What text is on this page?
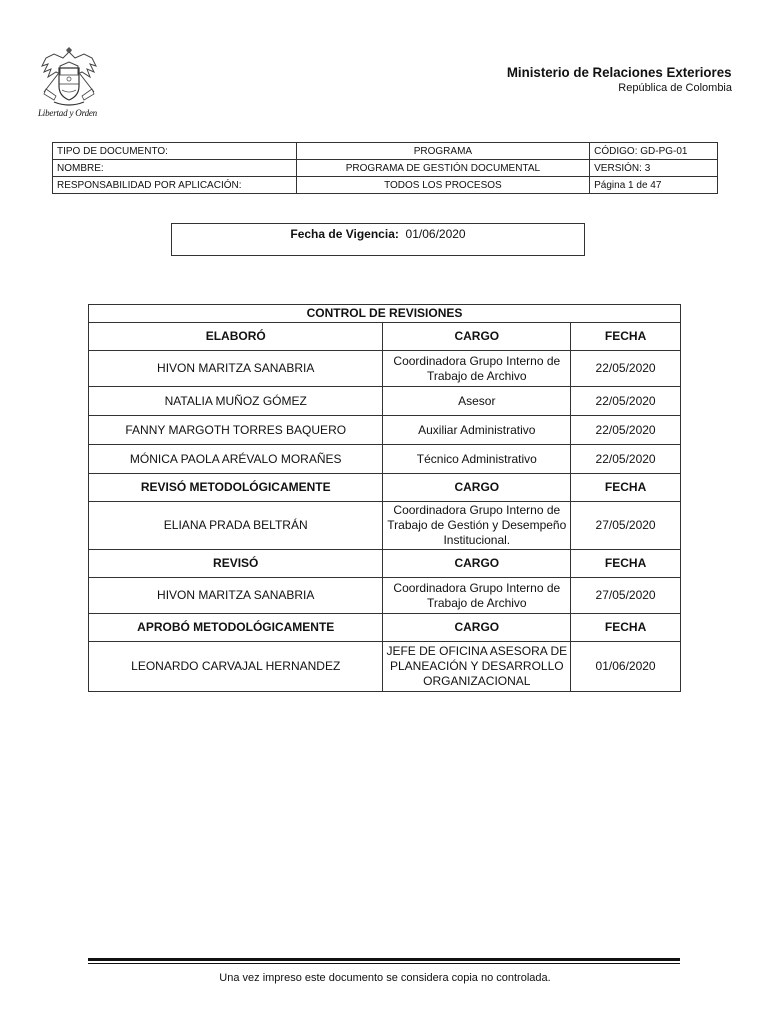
Libertad y Orden
Ministerio de Relaciones Exteriores
República de Colombia
TIPO DE DOCUMENTO:	PROGRAMA	CÓDIGO: GD-PG-01
NOMBRE:	PROGRAMA DE GESTIÓN DOCUMENTAL	VERSIÓN: 3
RESPONSABILIDAD POR APLICACIÓN:	TODOS LOS PROCESOS	Página 1 de 47
Fecha de Vigencia: 01/06/2020
CONTROL DE REVISIONES		
ELABORÓ	CARGO	FECHA
HIVON MARITZA SANABRIA	Coordinadora Grupo Interno de Trabajo de Archivo	22/05/2020
NATALIA MUÑOZ GÓMEZ	Asesor	22/05/2020
FANNY MARGOTH TORRES BAQUERO	Auxiliar Administrativo	22/05/2020
MÓNICA PAOLA ARÉVALO MORAÑES	Técnico Administrativo	22/05/2020
REVISÓ METODOLÓGICAMENTE	CARGO	FECHA
ELIANA PRADA BELTRÁN	Coordinadora Grupo Interno de Trabajo de Gestión y Desempeño Institucional.	27/05/2020
REVISÓ	CARGO	FECHA
HIVON MARITZA SANABRIA	Coordinadora Grupo Interno de Trabajo de Archivo	27/05/2020
APROBÓ METODOLÓGICAMENTE	CARGO	FECHA
LEONARDO CARVAJAL HERNANDEZ	JEFE DE OFICINA ASESORA DE PLANEACIÓN Y DESARROLLO ORGANIZACIONAL	01/06/2020
Una vez impreso este documento se considera copia no controlada.
